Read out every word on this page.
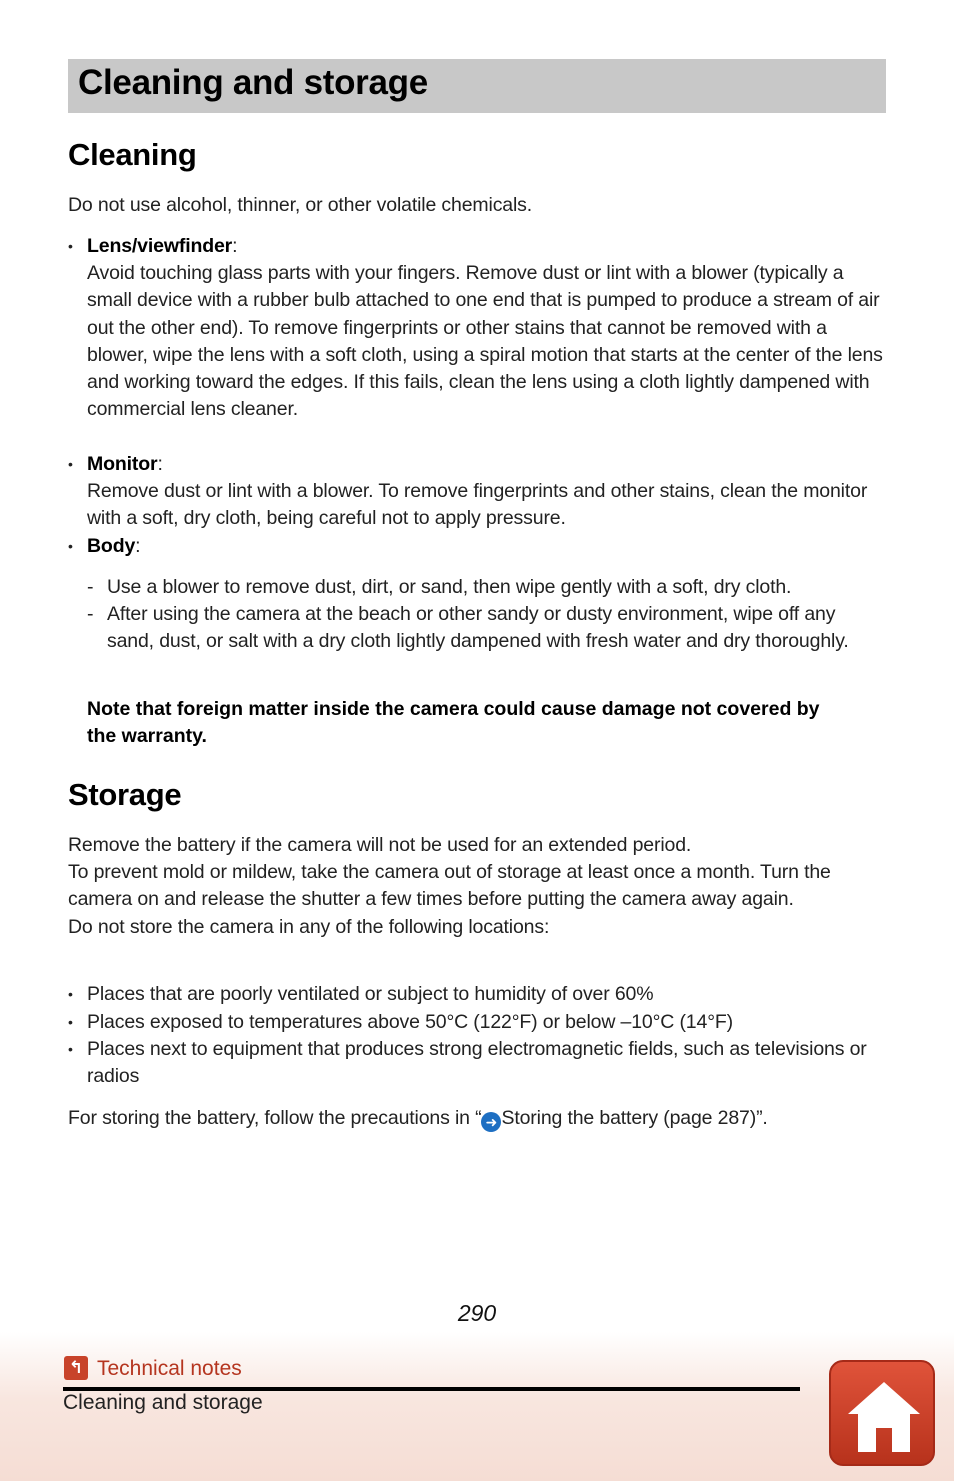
Cleaning and storage
Cleaning

Do not use alcohol, thinner, or other volatile chemicals.

• Lens/viewfinder:
Avoid touching glass parts with your fingers. Remove dust or lint with a blower (typically a small device with a rubber bulb attached to one end that is pumped to produce a stream of air out the other end). To remove fingerprints or other stains that cannot be removed with a blower, wipe the lens with a soft cloth, using a spiral motion that starts at the center of the lens and working toward the edges. If this fails, clean the lens using a cloth lightly dampened with commercial lens cleaner.
• Monitor:
Remove dust or lint with a blower. To remove fingerprints and other stains, clean the monitor with a soft, dry cloth, being careful not to apply pressure.
• Body:
- Use a blower to remove dust, dirt, or sand, then wipe gently with a soft, dry cloth.
- After using the camera at the beach or other sandy or dusty environment, wipe off any sand, dust, or salt with a dry cloth lightly dampened with fresh water and dry thoroughly.

Note that foreign matter inside the camera could cause damage not covered by the warranty.

Storage
Remove the battery if the camera will not be used for an extended period.
To prevent mold or mildew, take the camera out of storage at least once a month. Turn the camera on and release the shutter a few times before putting the camera away again.
Do not store the camera in any of the following locations:
• Places that are poorly ventilated or subject to humidity of over 60%
• Places exposed to temperatures above 50°C (122°F) or below –10°C (14°F)
• Places next to equipment that produces strong electromagnetic fields, such as televisions or radios

For storing the battery, follow the precautions in “ ➜ Storing the battery (page 287)”.

290
↰ Technical notes
Cleaning and storage
